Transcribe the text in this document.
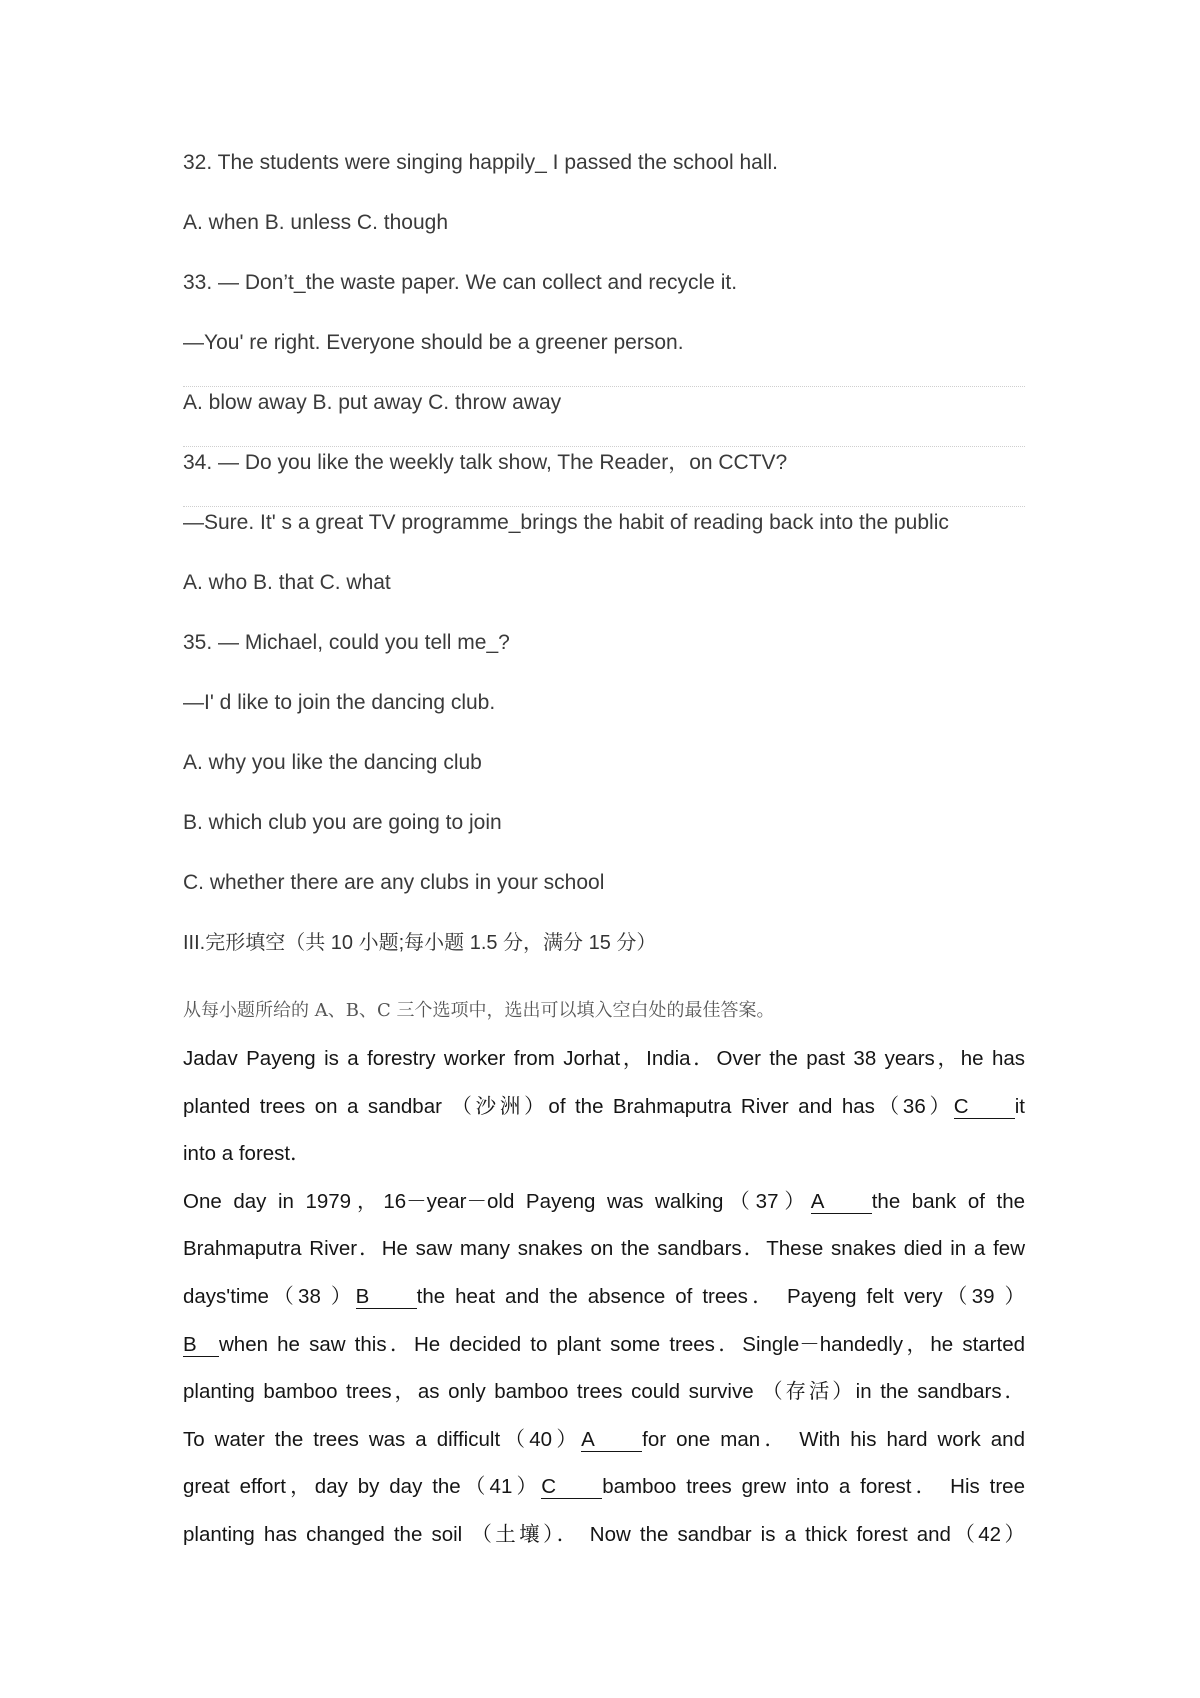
32. The students were singing happily_ I passed the school hall.
A. when B. unless C. though
33. — Don’t_the waste paper. We can collect and recycle it.
—You' re right. Everyone should be a greener person.
A. blow away B. put away C. throw away
34. — Do you like the weekly talk show, The Reader，on CCTV?
—Sure. It' s a great TV programme_brings the habit of reading back into the public
A. who B. that C. what
35. — Michael, could you tell me_?
—I' d like to join the dancing club.
A. why you like the dancing club
B. which club you are going to join
C. whether there are any clubs in your school
III.完形填空（共 10 小题;每小题 1.5 分，满分 15 分）
从每小题所给的 A、B、C 三个选项中，选出可以填入空白处的最佳答案。
Jadav Payeng is a forestry worker from Jorhat，India．Over the past 38 years，he has
planted trees on a sandbar （沙洲）of the Brahmaputra River and has（36）C it
into a forest．
One day in 1979，16－year－old Payeng was walking（37）A the bank of the
Brahmaputra River．He saw many snakes on the sandbars．These snakes died in a few
days'time（38 ）B the heat and the absence of trees． Payeng felt very（39 ）
B when he saw this．He decided to plant some trees．Single－handedly，he started
planting bamboo trees，as only bamboo trees could survive （存活）in the sandbars．
To water the trees was a difficult（40）A for one man． With his hard work and
great effort，day by day the（41）C bamboo trees grew into a forest． His tree
planting has changed the soil （土壤）． Now the sandbar is a thick forest and（42）
